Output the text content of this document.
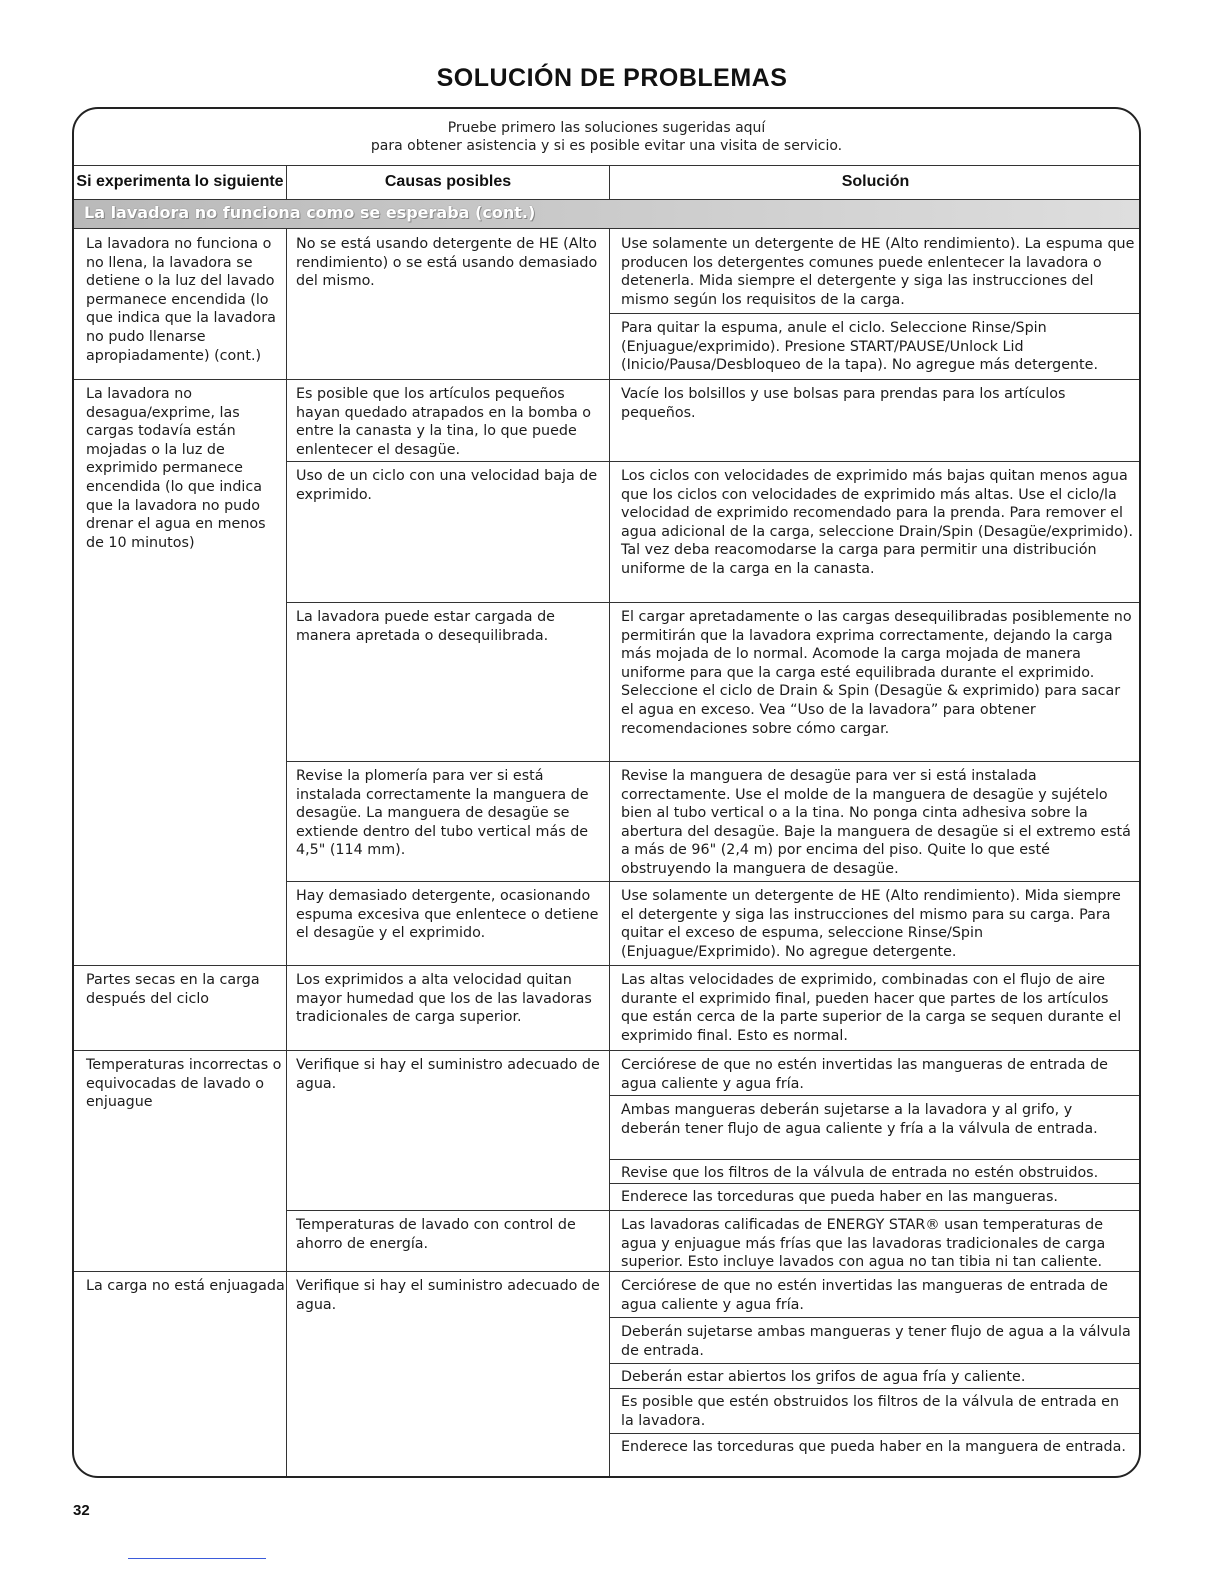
SOLUCIÓN DE PROBLEMAS
Pruebe primero las soluciones sugeridas aquí
para obtener asistencia y si es posible evitar una visita de servicio.
Si experimenta lo siguiente	Causas posibles	Solución
La lavadora no funciona como se esperaba (cont.)
La lavadora no funciona o no llena, la lavadora se detiene o la luz del lavado permanece encendida (lo que indica que la lavadora no pudo llenarse apropiadamente) (cont.)
La lavadora no desagua/exprime, las cargas todavía están mojadas o la luz de exprimido permanece encendida (lo que indica que la lavadora no pudo drenar el agua en menos de 10 minutos)
Partes secas en la carga después del ciclo
Temperaturas incorrectas o equivocadas de lavado o enjuague
La carga no está enjuagada
No se está usando detergente de HE (Alto rendimiento) o se está usando demasiado del mismo.
Es posible que los artículos pequeños hayan quedado atrapados en la bomba o entre la canasta y la tina, lo que puede enlentecer el desagüe.
Uso de un ciclo con una velocidad baja de exprimido.
La lavadora puede estar cargada de manera apretada o desequilibrada.
Revise la plomería para ver si está instalada correctamente la manguera de desagüe. La manguera de desagüe se extiende dentro del tubo vertical más de 4,5" (114 mm).
Hay demasiado detergente, ocasionando espuma excesiva que enlentece o detiene el desagüe y el exprimido.
Los exprimidos a alta velocidad quitan mayor humedad que los de las lavadoras tradicionales de carga superior.
Verifique si hay el suministro adecuado de agua.
Temperaturas de lavado con control de ahorro de energía.
Verifique si hay el suministro adecuado de agua.
Use solamente un detergente de HE (Alto rendimiento). La espuma que producen los detergentes comunes puede enlentecer la lavadora o detenerla. Mida siempre el detergente y siga las instrucciones del mismo según los requisitos de la carga.
Para quitar la espuma, anule el ciclo. Seleccione Rinse/Spin (Enjuague/exprimido). Presione START/PAUSE/Unlock Lid (Inicio/Pausa/Desbloqueo de la tapa). No agregue más detergente.
Vacíe los bolsillos y use bolsas para prendas para los artículos pequeños.
Los ciclos con velocidades de exprimido más bajas quitan menos agua que los ciclos con velocidades de exprimido más altas. Use el ciclo/la velocidad de exprimido recomendado para la prenda. Para remover el agua adicional de la carga, seleccione Drain/Spin (Desagüe/exprimido). Tal vez deba reacomodarse la carga para permitir una distribución uniforme de la carga en la canasta.
El cargar apretadamente o las cargas desequilibradas posiblemente no permitirán que la lavadora exprima correctamente, dejando la carga más mojada de lo normal. Acomode la carga mojada de manera uniforme para que la carga esté equilibrada durante el exprimido. Seleccione el ciclo de Drain & Spin (Desagüe & exprimido) para sacar el agua en exceso. Vea “Uso de la lavadora” para obtener recomendaciones sobre cómo cargar.
Revise la manguera de desagüe para ver si está instalada correctamente. Use el molde de la manguera de desagüe y sujételo bien al tubo vertical o a la tina. No ponga cinta adhesiva sobre la abertura del desagüe. Baje la manguera de desagüe si el extremo está a más de 96" (2,4 m) por encima del piso. Quite lo que esté obstruyendo la manguera de desagüe.
Use solamente un detergente de HE (Alto rendimiento). Mida siempre el detergente y siga las instrucciones del mismo para su carga. Para quitar el exceso de espuma, seleccione Rinse/Spin (Enjuague/Exprimido). No agregue detergente.
Las altas velocidades de exprimido, combinadas con el flujo de aire durante el exprimido final, pueden hacer que partes de los artículos que están cerca de la parte superior de la carga se sequen durante el exprimido final. Esto es normal.
Cerciórese de que no estén invertidas las mangueras de entrada de agua caliente y agua fría.
Ambas mangueras deberán sujetarse a la lavadora y al grifo, y deberán tener flujo de agua caliente y fría a la válvula de entrada.
Revise que los filtros de la válvula de entrada no estén obstruidos.
Enderece las torceduras que pueda haber en las mangueras.
Las lavadoras calificadas de ENERGY STAR® usan temperaturas de agua y enjuague más frías que las lavadoras tradicionales de carga superior. Esto incluye lavados con agua no tan tibia ni tan caliente.
Cerciórese de que no estén invertidas las mangueras de entrada de agua caliente y agua fría.
Deberán sujetarse ambas mangueras y tener flujo de agua a la válvula de entrada.
Deberán estar abiertos los grifos de agua fría y caliente.
Es posible que estén obstruidos los filtros de la válvula de entrada en la lavadora.
Enderece las torceduras que pueda haber en la manguera de entrada.
32
